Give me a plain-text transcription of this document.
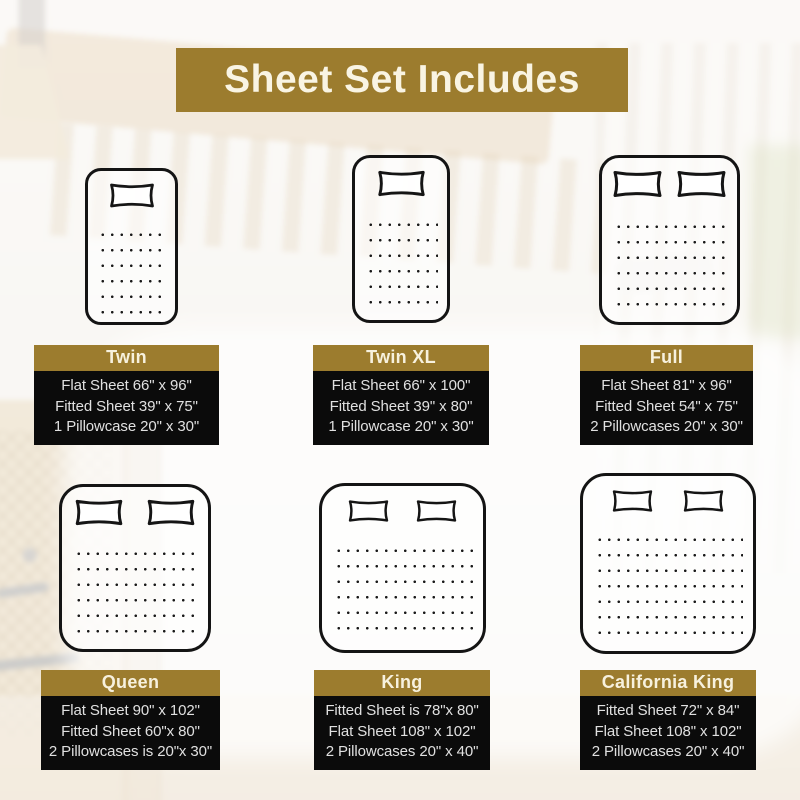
Sheet Set Includes
Twin
Flat Sheet 66" x 96"
Fitted Sheet 39" x 75"
1 Pillowcase 20" x 30"
Twin XL
Flat Sheet 66" x 100"
Fitted Sheet 39" x 80"
1 Pillowcase 20" x 30"
Full
Flat Sheet 81" x 96"
Fitted Sheet 54" x 75"
2 Pillowcases 20" x 30"
Queen
Flat Sheet 90" x 102"
Fitted Sheet 60"x 80"
2 Pillowcases is 20"x 30"
King
Fitted Sheet is 78"x 80"
Flat Sheet 108" x 102"
2 Pillowcases 20" x 40"
California King
Fitted Sheet 72" x 84"
Flat Sheet 108" x 102"
2 Pillowcases 20" x 40"
